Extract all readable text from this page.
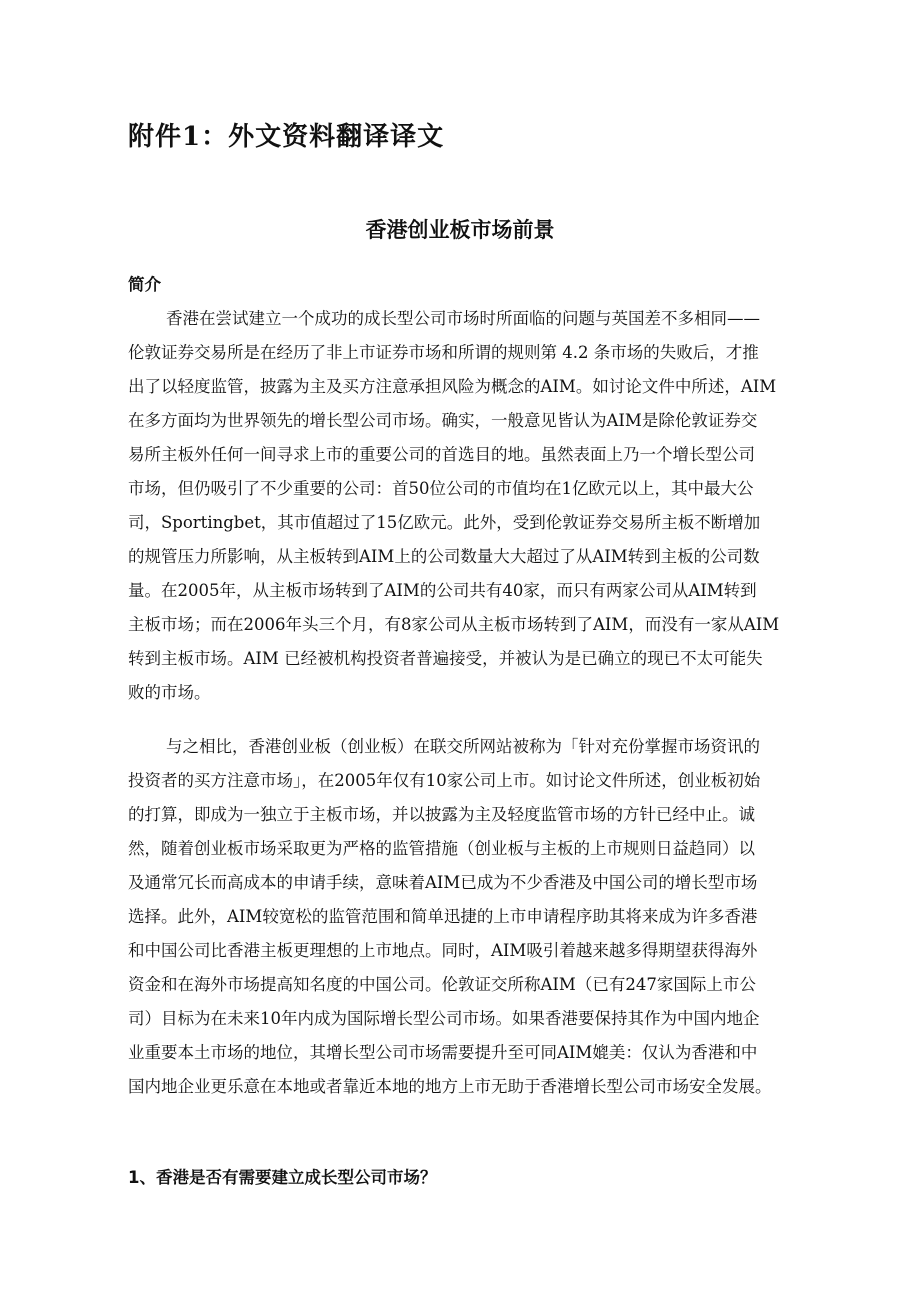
附件1：外文资料翻译译文
香港创业板市场前景
简介
香港在尝试建立一个成功的成长型公司市场时所面临的问题与英国差不多相同——
伦敦证券交易所是在经历了非上市证券市场和所谓的规则第 4.2 条市场的失败后，才推
出了以轻度监管，披露为主及买方注意承担风险为概念的AIM。如讨论文件中所述，AIM
在多方面均为世界领先的增长型公司市场。确实，一般意见皆认为AIM是除伦敦证券交
易所主板外任何一间寻求上市的重要公司的首选目的地。虽然表面上乃一个增长型公司
市场，但仍吸引了不少重要的公司：首50位公司的市值均在1亿欧元以上，其中最大公
司，Sportingbet，其市值超过了15亿欧元。此外，受到伦敦证券交易所主板不断增加
的规管压力所影响，从主板转到AIM上的公司数量大大超过了从AIM转到主板的公司数
量。在2005年，从主板市场转到了AIM的公司共有40家，而只有两家公司从AIM转到
主板市场；而在2006年头三个月，有8家公司从主板市场转到了AIM，而没有一家从AIM
转到主板市场。AIM 已经被机构投资者普遍接受，并被认为是已确立的现已不太可能失
败的市场。
与之相比，香港创业板（创业板）在联交所网站被称为「针对充份掌握市场资讯的
投资者的买方注意市场」，在2005年仅有10家公司上市。如讨论文件所述，创业板初始
的打算，即成为一独立于主板市场，并以披露为主及轻度监管市场的方针已经中止。诚
然，随着创业板市场采取更为严格的监管措施（创业板与主板的上市规则日益趋同）以
及通常冗长而高成本的申请手续，意味着AIM已成为不少香港及中国公司的增长型市场
选择。此外，AIM较宽松的监管范围和简单迅捷的上市申请程序助其将来成为许多香港
和中国公司比香港主板更理想的上市地点。同时，AIM吸引着越来越多得期望获得海外
资金和在海外市场提高知名度的中国公司。伦敦证交所称AIM（已有247家国际上市公
司）目标为在未来10年内成为国际增长型公司市场。如果香港要保持其作为中国内地企
业重要本土市场的地位，其增长型公司市场需要提升至可同AIM媲美：仅认为香港和中
国内地企业更乐意在本地或者靠近本地的地方上市无助于香港增长型公司市场安全发展。
1、香港是否有需要建立成长型公司市场？
